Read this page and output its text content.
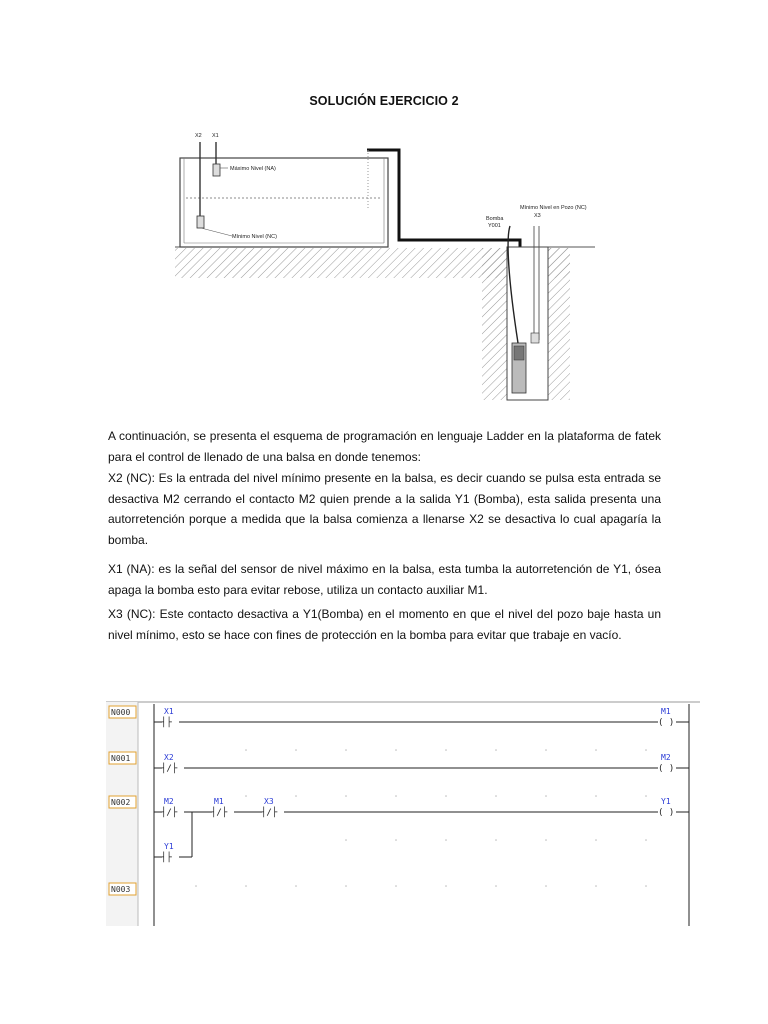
SOLUCIÓN EJERCICIO 2
X2 X1
Máximo Nivel (NA)
Mínimo Nivel (NC)
Bomba
Y001
Mínimo Nivel en Pozo (NC)
X3

A continuación, se presenta el esquema de programación en lenguaje Ladder en la plataforma de fatek para el control de llenado de una balsa en donde tenemos:

X2 (NC): Es la entrada del nivel mínimo presente en la balsa, es decir cuando se pulsa esta entrada se desactiva M2 cerrando el contacto M2 quien prende a la salida Y1 (Bomba), esta salida presenta una autorretención porque a medida que la balsa comienza a llenarse X2 se desactiva lo cual apagaría la bomba.

X1 (NA): es la señal del sensor de nivel máximo en la balsa, esta tumba la autorretención de Y1, ósea apaga la bomba esto para evitar rebose, utiliza un contacto auxiliar M1.

X3 (NC): Este contacto desactiva a Y1(Bomba) en el momento en que el nivel del pozo baje hasta un nivel mínimo, esto se hace con fines de protección en la bomba para evitar que trabaje en vacío.

N000
N001
N002
N003
X1
┤├
M1
( )
X2
┤/├
M2
( )
M2
┤/├
M1
┤/├
X3
┤/├
Y1
( )
Y1
┤├
